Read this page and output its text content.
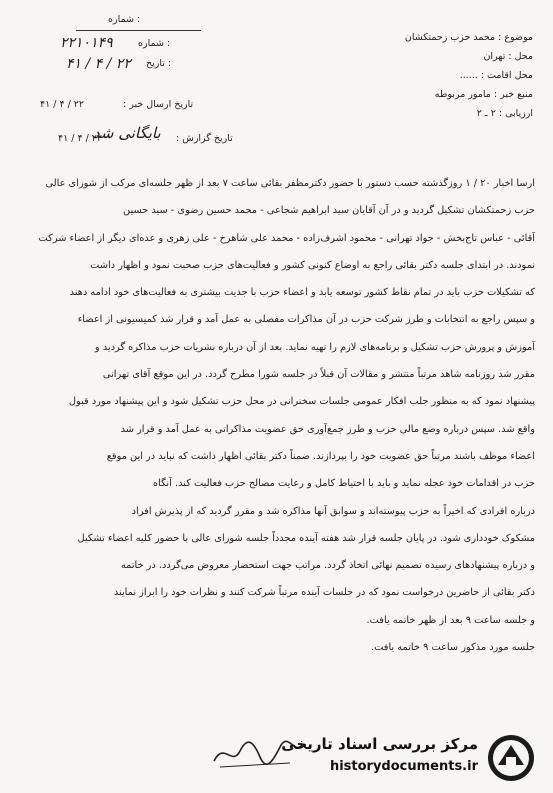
شماره :
شماره :
۲۲۱۰۱۴۹
تاریخ :
۴۱ / ۴ / ۲۲
تاریخ ارسال خبر :
۴۱ / ۴ / ۲۲
بایگانی شد تاریخ گزارش :
۴۱ / ۴ / ۲۲
موضوع : محمد حزب زحمتکشان
محل : تهران
محل اقامت : ......
منبع خبر : مامور مربوطه
ارزیابی : ۲ ـ ۲

ارسا اخبار ۲۰ / ۱ روزگذشته حسب دستور با حضور دکترمظفر بقائی ساعت ۷ بعد از ظهر جلسه‌ای مرکب از شورای عالی

حزب زحمتکشان تشکیل گردید و در آن آقایان سید ابراهیم شجاعی - محمد حسین رضوی - سید حسین

آقائی - عباس تاج‌بخش - جواد تهرانی - محمود اشرف‌زاده - محمد علی شاهرخ - علی زهری و عده‌ای دیگر از اعضاء شرکت

نمودند. در ابتدای جلسه دکتر بقائی راجع به اوضاع کنونی کشور و فعالیت‌های حزب صحبت نمود و اظهار داشت

که تشکیلات حزب باید در تمام نقاط کشور توسعه یابد و اعضاء حزب با جدیت بیشتری به فعالیت‌های خود ادامه دهند

و سپس راجع به انتخابات و طرز شرکت حزب در آن مذاکرات مفصلی به عمل آمد و قرار شد کمیسیونی از اعضاء

آموزش و پرورش حزب تشکیل و برنامه‌های لازم را تهیه نماید. بعد از آن درباره نشریات حزب مذاکره گردید و

مقرر شد روزنامه شاهد مرتباً منتشر و مقالات آن قبلاً در جلسه شورا مطرح گردد. در این موقع آقای تهرانی

پیشنهاد نمود که به منظور جلب افکار عمومی جلسات سخنرانی در محل حزب تشکیل شود و این پیشنهاد مورد قبول

واقع شد. سپس درباره وضع مالی حزب و طرز جمع‌آوری حق عضویت مذاکراتی به عمل آمد و قرار شد

اعضاء موظف باشند مرتباً حق عضویت خود را بپردازند. ضمناً دکتر بقائی اظهار داشت که نباید در این موقع

حزب در اقدامات خود عجله نماید و باید با احتیاط کامل و رعایت مصالح حزب فعالیت کند. آنگاه

درباره افرادی که اخیراً به حزب پیوسته‌اند و سوابق آنها مذاکره شد و مقرر گردید که از پذیرش افراد

مشکوک خودداری شود. در پایان جلسه قرار شد هفته آینده مجدداً جلسه شورای عالی با حضور کلیه اعضاء تشکیل

و درباره پیشنهادهای رسیده تصمیم نهائی اتخاذ گردد. مراتب جهت استحضار معروض می‌گردد. در خاتمه

دکتر بقائی از حاضرین درخواست نمود که در جلسات آینده مرتباً شرکت کنند و نظرات خود را ابراز نمایند

و جلسه ساعت ۹ بعد از ظهر خاتمه یافت.

جلسه مورد مذکور ساعت ۹ خاتمه یافت.

مرکز بررسی اسناد تاریخی
historydocuments.ir
